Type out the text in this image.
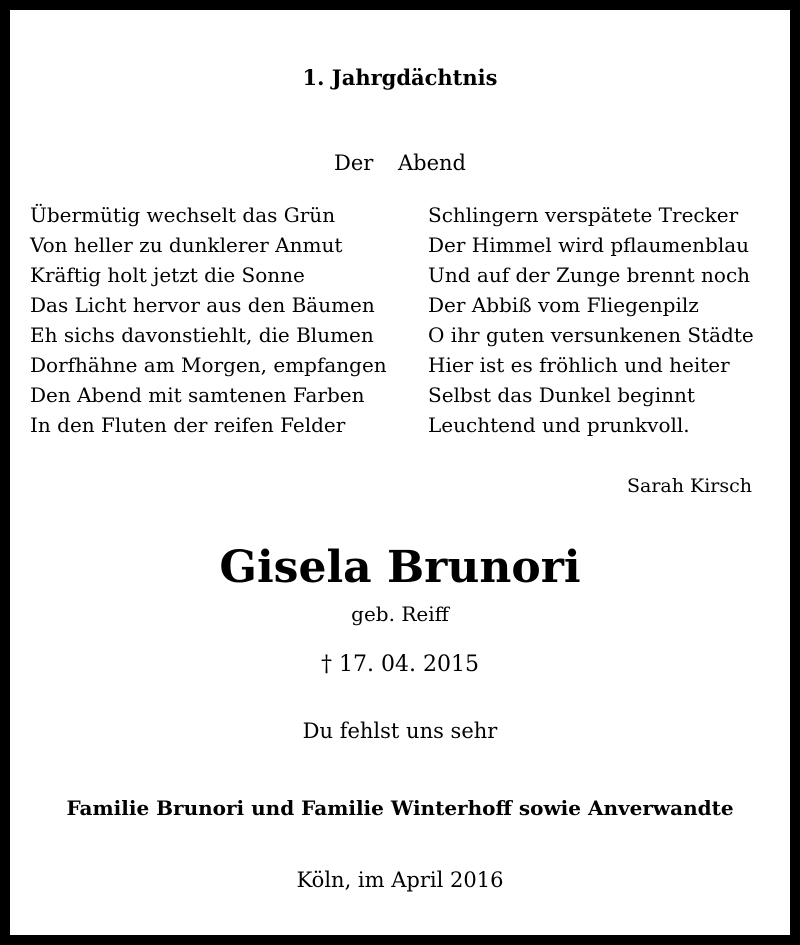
1. Jahrgdächtnis
Der Abend
Übermütig wechselt das Grün
Von heller zu dunklerer Anmut
Kräftig holt jetzt die Sonne
Das Licht hervor aus den Bäumen
Eh sichs davonstiehlt, die Blumen
Dorfhähne am Morgen, empfangen
Den Abend mit samtenen Farben
In den Fluten der reifen Felder
Schlingern verspätete Trecker
Der Himmel wird pflaumenblau
Und auf der Zunge brennt noch
Der Abbiß vom Fliegenpilz
O ihr guten versunkenen Städte
Hier ist es fröhlich und heiter
Selbst das Dunkel beginnt
Leuchtend und prunkvoll.
Sarah Kirsch
Gisela Brunori
geb. Reiff
† 17. 04. 2015
Du fehlst uns sehr
Familie Brunori und Familie Winterhoff sowie Anverwandte
Köln, im April 2016
